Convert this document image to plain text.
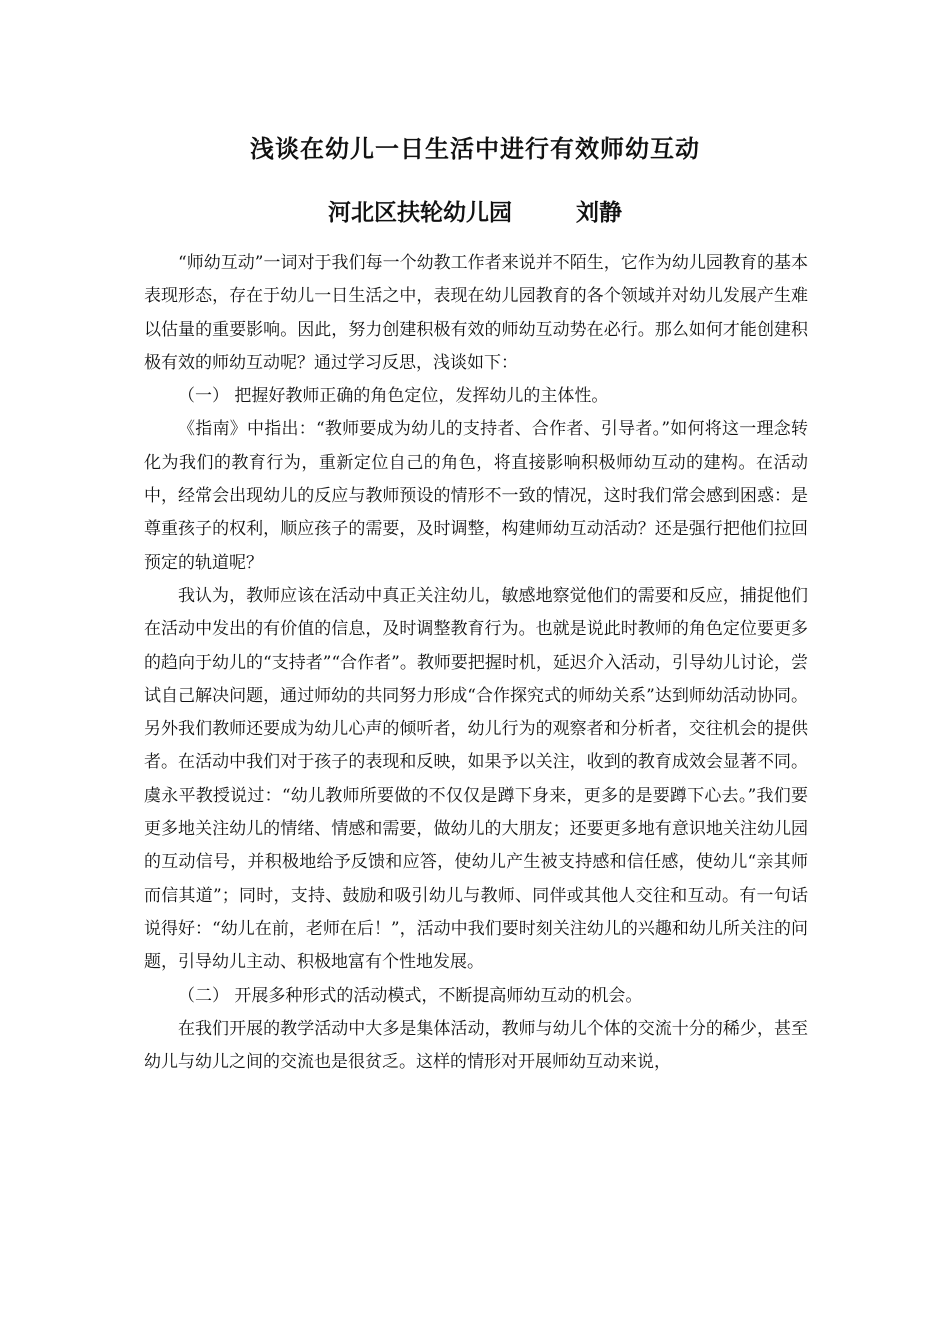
浅谈在幼儿一日生活中进行有效师幼互动
河北区扶轮幼儿园        刘静

“师幼互动”一词对于我们每一个幼教工作者来说并不陌生，它作为幼儿园教育的基本表现形态，存在于幼儿一日生活之中，表现在幼儿园教育的各个领域并对幼儿发展产生难以估量的重要影响。因此，努力创建积极有效的师幼互动势在必行。那么如何才能创建积极有效的师幼互动呢？通过学习反思，浅谈如下：

（一） 把握好教师正确的角色定位，发挥幼儿的主体性。

《指南》中指出：“教师要成为幼儿的支持者、合作者、引导者。”如何将这一理念转化为我们的教育行为，重新定位自己的角色，将直接影响积极师幼互动的建构。在活动中，经常会出现幼儿的反应与教师预设的情形不一致的情况，这时我们常会感到困惑：是尊重孩子的权利，顺应孩子的需要，及时调整，构建师幼互动活动？还是强行把他们拉回预定的轨道呢？

我认为，教师应该在活动中真正关注幼儿，敏感地察觉他们的需要和反应，捕捉他们在活动中发出的有价值的信息，及时调整教育行为。也就是说此时教师的角色定位要更多的趋向于幼儿的“支持者”“合作者”。教师要把握时机，延迟介入活动，引导幼儿讨论，尝试自己解决问题，通过师幼的共同努力形成“合作探究式的师幼关系”达到师幼活动协同。另外我们教师还要成为幼儿心声的倾听者，幼儿行为的观察者和分析者，交往机会的提供者。在活动中我们对于孩子的表现和反映，如果予以关注，收到的教育成效会显著不同。虞永平教授说过：“幼儿教师所要做的不仅仅是蹲下身来，更多的是要蹲下心去。”我们要更多地关注幼儿的情绪、情感和需要，做幼儿的大朋友；还要更多地有意识地关注幼儿园的互动信号，并积极地给予反馈和应答，使幼儿产生被支持感和信任感，使幼儿“亲其师而信其道”；同时，支持、鼓励和吸引幼儿与教师、同伴或其他人交往和互动。有一句话说得好：“幼儿在前，老师在后！”，活动中我们要时刻关注幼儿的兴趣和幼儿所关注的问题，引导幼儿主动、积极地富有个性地发展。

（二） 开展多种形式的活动模式，不断提高师幼互动的机会。

在我们开展的教学活动中大多是集体活动，教师与幼儿个体的交流十分的稀少，甚至幼儿与幼儿之间的交流也是很贫乏。这样的情形对开展师幼互动来说，
